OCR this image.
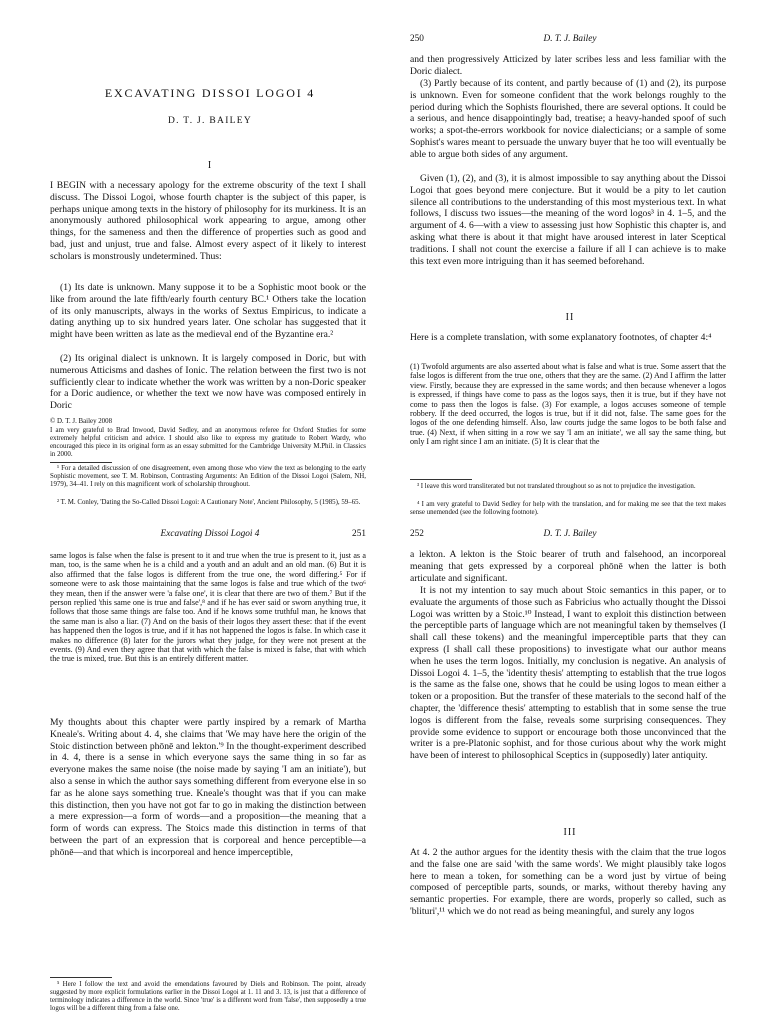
EXCAVATING DISSOI LOGOI 4
D. T. J. BAILEY
I

I BEGIN with a necessary apology for the extreme obscurity of the text I shall discuss. The Dissoi Logoi, whose fourth chapter is the subject of this paper, is perhaps unique among texts in the history of philosophy for its murkiness. It is an anonymously authored philosophical work appearing to argue, among other things, for the sameness and then the difference of properties such as good and bad, just and unjust, true and false. Almost every aspect of it likely to interest scholars is monstrously undetermined. Thus:

(1) Its date is unknown. Many suppose it to be a Sophistic moot book or the like from around the late fifth/early fourth century BC.¹ Others take the location of its only manuscripts, always in the works of Sextus Empiricus, to indicate a dating anything up to six hundred years later. One scholar has suggested that it might have been written as late as the medieval end of the Byzantine era.²

(2) Its original dialect is unknown. It is largely composed in Doric, but with numerous Atticisms and dashes of Ionic. The relation between the first two is not sufficiently clear to indicate whether the work was written by a non-Doric speaker for a Doric audience, or whether the text we now have was composed entirely in Doric

© D. T. J. Bailey 2008

I am very grateful to Brad Inwood, David Sedley, and an anonymous referee for Oxford Studies for some extremely helpful criticism and advice. I should also like to express my gratitude to Robert Wardy, who encouraged this piece in its original form as an essay submitted for the Cambridge University M.Phil. in Classics in 2000.

¹ For a detailed discussion of one disagreement, even among those who view the text as belonging to the early Sophistic movement, see T. M. Robinson, Contrasting Arguments: An Edition of the Dissoi Logoi (Salem, NH, 1979), 34–41. I rely on this magnificent work of scholarship throughout.

² T. M. Conley, 'Dating the So-Called Dissoi Logoi: A Cautionary Note', Ancient Philosophy, 5 (1985), 59–65.

250	D. T. J. Bailey

and then progressively Atticized by later scribes less and less familiar with the Doric dialect.

(3) Partly because of its content, and partly because of (1) and (2), its purpose is unknown. Even for someone confident that the work belongs roughly to the period during which the Sophists flourished, there are several options. It could be a serious, and hence disappointingly bad, treatise; a heavy-handed spoof of such works; a spot-the-errors workbook for novice dialecticians; or a sample of some Sophist's wares meant to persuade the unwary buyer that he too will eventually be able to argue both sides of any argument.

Given (1), (2), and (3), it is almost impossible to say anything about the Dissoi Logoi that goes beyond mere conjecture. But it would be a pity to let caution silence all contributions to the understanding of this most mysterious text. In what follows, I discuss two issues—the meaning of the word logos³ in 4. 1–5, and the argument of 4. 6—with a view to assessing just how Sophistic this chapter is, and asking what there is about it that might have aroused interest in later Sceptical traditions. I shall not count the exercise a failure if all I can achieve is to make this text even more intriguing than it has seemed beforehand.

II

Here is a complete translation, with some explanatory footnotes, of chapter 4:⁴

(1) Twofold arguments are also asserted about what is false and what is true. Some assert that the false logos is different from the true one, others that they are the same. (2) And I affirm the latter view. Firstly, because they are expressed in the same words; and then because whenever a logos is expressed, if things have come to pass as the logos says, then it is true, but if they have not come to pass then the logos is false. (3) For example, a logos accuses someone of temple robbery. If the deed occurred, the logos is true, but if it did not, false. The same goes for the logos of the one defending himself. Also, law courts judge the same logos to be both false and true. (4) Next, if when sitting in a row we say 'I am an initiate', we all say the same thing, but only I am right since I am an initiate. (5) It is clear that the

³ I leave this word transliterated but not translated throughout so as not to prejudice the investigation.

⁴ I am very grateful to David Sedley for help with the translation, and for making me see that the text makes sense unemended (see the following footnote).

Excavating Dissoi Logoi 4	251

same logos is false when the false is present to it and true when the true is present to it, just as a man, too, is the same when he is a child and a youth and an adult and an old man. (6) But it is also affirmed that the false logos is different from the true one, the word differing.⁵ For if someone were to ask those maintaining that the same logos is false and true which of the two⁶ they mean, then if the answer were 'a false one', it is clear that there are two of them.⁷ But if the person replied 'this same one is true and false',⁸ and if he has ever said or sworn anything true, it follows that those same things are false too. And if he knows some truthful man, he knows that the same man is also a liar. (7) And on the basis of their logos they assert these: that if the event has happened then the logos is true, and if it has not happened the logos is false. In which case it makes no difference (8) later for the jurors what they judge, for they were not present at the events. (9) And even they agree that that with which the false is mixed is false, that with which the true is mixed, true. But this is an entirely different matter.

My thoughts about this chapter were partly inspired by a remark of Martha Kneale's. Writing about 4. 4, she claims that 'We may have here the origin of the Stoic distinction between phōnē and lekton.'⁹ In the thought-experiment described in 4. 4, there is a sense in which everyone says the same thing in so far as everyone makes the same noise (the noise made by saying 'I am an initiate'), but also a sense in which the author says something different from everyone else in so far as he alone says something true. Kneale's thought was that if you can make this distinction, then you have not got far to go in making the distinction between a mere expression—a form of words—and a proposition—the meaning that a form of words can express. The Stoics made this distinction in terms of that between the part of an expression that is corporeal and hence perceptible—a phōnē—and that which is incorporeal and hence imperceptible,

⁵ Here I follow the text and avoid the emendations favoured by Diels and Robinson. The point, already suggested by more explicit formulations earlier in the Dissoi Logoi at 1. 11 and 3. 13, is just that a difference of terminology indicates a difference in the world. Since 'true' is a different word from 'false', then supposedly a true logos will be a different thing from a false one.

252	D. T. J. Bailey

a lekton. A lekton is the Stoic bearer of truth and falsehood, an incorporeal meaning that gets expressed by a corporeal phōnē when the latter is both articulate and significant.

It is not my intention to say much about Stoic semantics in this paper, or to evaluate the arguments of those such as Fabricius who actually thought the Dissoi Logoi was written by a Stoic.¹⁰ Instead, I want to exploit this distinction between the perceptible parts of language which are not meaningful taken by themselves (I shall call these tokens) and the meaningful imperceptible parts that they can express (I shall call these propositions) to investigate what our author means when he uses the term logos. Initially, my conclusion is negative. An analysis of Dissoi Logoi 4. 1–5, the 'identity thesis' attempting to establish that the true logos is the same as the false one, shows that he could be using logos to mean either a token or a proposition. But the transfer of these materials to the second half of the chapter, the 'difference thesis' attempting to establish that in some sense the true logos is different from the false, reveals some surprising consequences. They provide some evidence to support or encourage both those unconvinced that the writer is a pre-Platonic sophist, and for those curious about why the work might have been of interest to philosophical Sceptics in (supposedly) later antiquity.

III

At 4. 2 the author argues for the identity thesis with the claim that the true logos and the false one are said 'with the same words'. We might plausibly take logos here to mean a token, for something can be a word just by virtue of being composed of perceptible parts, sounds, or marks, without thereby having any semantic properties. For example, there are words, properly so called, such as 'blituri',¹¹ which we do not read as being meaningful, and surely any logos
